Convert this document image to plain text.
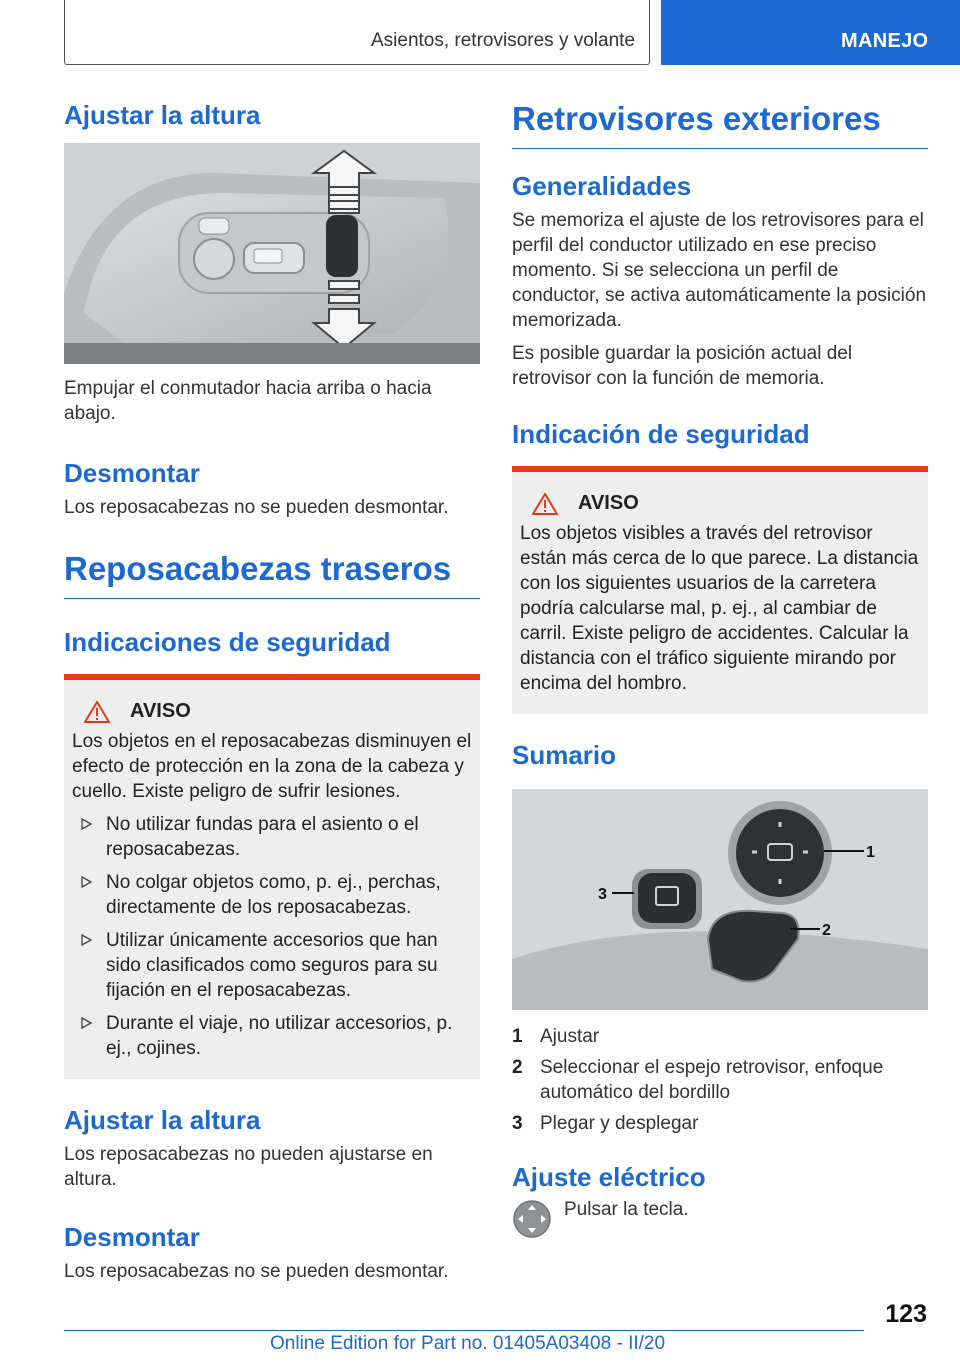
Asientos, retrovisores y volante	MANEJO
Ajustar la altura

Empujar el conmutador hacia arriba o hacia abajo.

Desmontar

Los reposacabezas no se pueden desmontar.

Reposacabezas traseros
Indicaciones de seguridad
AVISO

Los objetos en el reposacabezas disminuyen el efecto de protección en la zona de la cabeza y cuello. Existe peligro de sufrir lesiones.

No utilizar fundas para el asiento o el reposacabezas.
No colgar objetos como, p. ej., perchas, directamente de los reposacabezas.
Utilizar únicamente accesorios que han sido clasificados como seguros para su fijación en el reposacabezas.
Durante el viaje, no utilizar accesorios, p. ej., cojines.
Ajustar la altura

Los reposacabezas no pueden ajustarse en altura.

Desmontar

Los reposacabezas no se pueden desmontar.

Retrovisores exteriores
Generalidades

Se memoriza el ajuste de los retrovisores para el perfil del conductor utilizado en ese preciso momento. Si se selecciona un perfil de conductor, se activa automáticamente la posición memorizada.

Es posible guardar la posición actual del retrovisor con la función de memoria.

Indicación de seguridad
AVISO

Los objetos visibles a través del retrovisor están más cerca de lo que parece. La distancia con los siguientes usuarios de la carretera podría calcularse mal, p. ej., al cambiar de carril. Existe peligro de accidentes. Calcular la distancia con el tráfico siguiente mirando por encima del hombro.

Sumario
1
2
3
1 Ajustar
2 Seleccionar el espejo retrovisor, enfoque automático del bordillo
3 Plegar y desplegar
Ajuste eléctrico

Pulsar la tecla.

123
Online Edition for Part no. 01405A03408 - II/20
